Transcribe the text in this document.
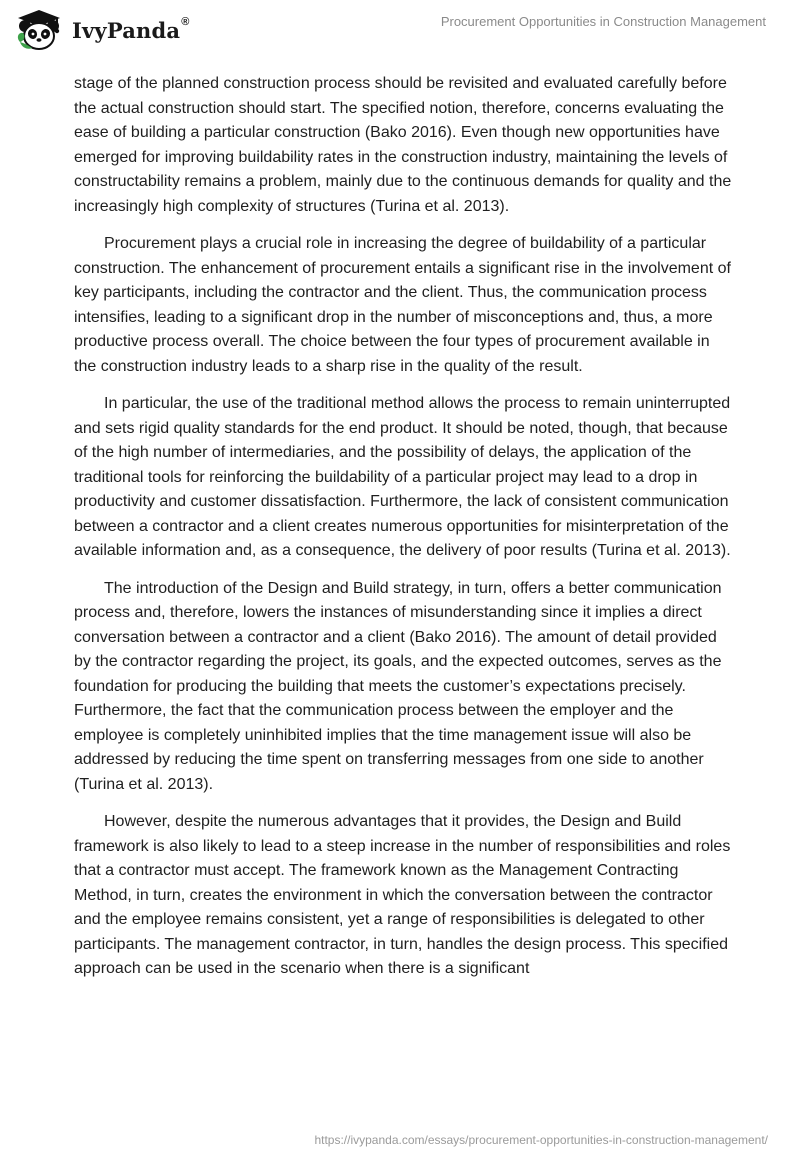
IvyPanda®	Procurement Opportunities in Construction Management

stage of the planned construction process should be revisited and evaluated carefully before the actual construction should start. The specified notion, therefore, concerns evaluating the ease of building a particular construction (Bako 2016). Even though new opportunities have emerged for improving buildability rates in the construction industry, maintaining the levels of constructability remains a problem, mainly due to the continuous demands for quality and the increasingly high complexity of structures (Turina et al. 2013).

Procurement plays a crucial role in increasing the degree of buildability of a particular construction. The enhancement of procurement entails a significant rise in the involvement of key participants, including the contractor and the client. Thus, the communication process intensifies, leading to a significant drop in the number of misconceptions and, thus, a more productive process overall. The choice between the four types of procurement available in the construction industry leads to a sharp rise in the quality of the result.

In particular, the use of the traditional method allows the process to remain uninterrupted and sets rigid quality standards for the end product. It should be noted, though, that because of the high number of intermediaries, and the possibility of delays, the application of the traditional tools for reinforcing the buildability of a particular project may lead to a drop in productivity and customer dissatisfaction. Furthermore, the lack of consistent communication between a contractor and a client creates numerous opportunities for misinterpretation of the available information and, as a consequence, the delivery of poor results (Turina et al. 2013).

The introduction of the Design and Build strategy, in turn, offers a better communication process and, therefore, lowers the instances of misunderstanding since it implies a direct conversation between a contractor and a client (Bako 2016). The amount of detail provided by the contractor regarding the project, its goals, and the expected outcomes, serves as the foundation for producing the building that meets the customer’s expectations precisely. Furthermore, the fact that the communication process between the employer and the employee is completely uninhibited implies that the time management issue will also be addressed by reducing the time spent on transferring messages from one side to another (Turina et al. 2013).

However, despite the numerous advantages that it provides, the Design and Build framework is also likely to lead to a steep increase in the number of responsibilities and roles that a contractor must accept. The framework known as the Management Contracting Method, in turn, creates the environment in which the conversation between the contractor and the employee remains consistent, yet a range of responsibilities is delegated to other participants. The management contractor, in turn, handles the design process. This specified approach can be used in the scenario when there is a significant

https://ivypanda.com/essays/procurement-opportunities-in-construction-management/
